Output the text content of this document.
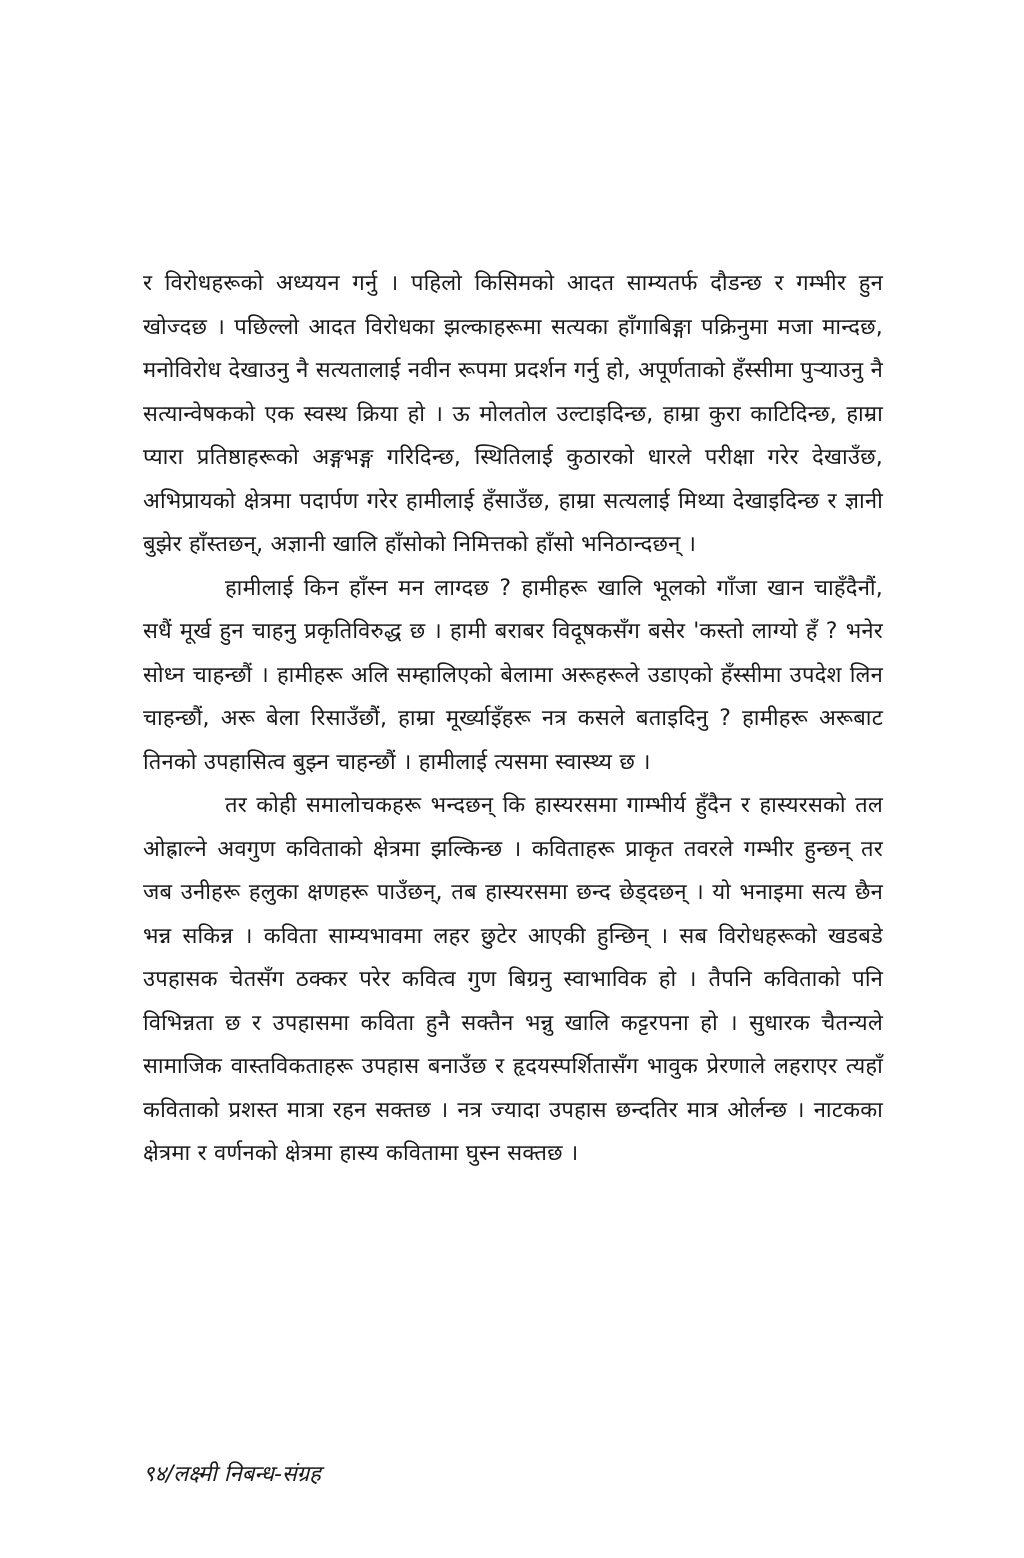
र विरोधहरूको अध्ययन गर्नु । पहिलो किसिमको आदत साम्यतर्फ दौडन्छ र गम्भीर हुन खोज्दछ । पछिल्लो आदत विरोधका झल्काहरूमा सत्यका हाँगाबिङ्गा पक्रिनुमा मजा मान्दछ, मनोविरोध देखाउनु नै सत्यतालाई नवीन रूपमा प्रदर्शन गर्नु हो, अपूर्णताको हँस्सीमा पुऱ्याउनु नै सत्यान्वेषकको एक स्वस्थ क्रिया हो । ऊ मोलतोल उल्टाइदिन्छ, हाम्रा कुरा काटिदिन्छ, हाम्रा प्यारा प्रतिष्ठाहरूको अङ्गभङ्ग गरिदिन्छ, स्थितिलाई कुठारको धारले परीक्षा गरेर देखाउँछ, अभिप्रायको क्षेत्रमा पदार्पण गरेर हामीलाई हँसाउँछ, हाम्रा सत्यलाई मिथ्या देखाइदिन्छ र ज्ञानी बुझेर हाँस्तछन्, अज्ञानी खालि हाँसोको निमित्तको हाँसो भनिठान्दछन् ।

हामीलाई किन हाँस्न मन लाग्दछ ? हामीहरू खालि भूलको गाँजा खान चाहँदैनौं, सधैं मूर्ख हुन चाहनु प्रकृतिविरुद्ध छ । हामी बराबर विदूषकसँग बसेर 'कस्तो लाग्यो हँ ? भनेर सोध्न चाहन्छौं । हामीहरू अलि सम्हालिएको बेलामा अरूहरूले उडाएको हँस्सीमा उपदेश लिन चाहन्छौं, अरू बेला रिसाउँछौं, हाम्रा मूर्ख्याइँहरू नत्र कसले बताइदिनु ? हामीहरू अरूबाट तिनको उपहासित्व बुझ्न चाहन्छौं । हामीलाई त्यसमा स्वास्थ्य छ ।

तर कोही समालोचकहरू भन्दछन् कि हास्यरसमा गाम्भीर्य हुँदैन र हास्यरसको तल ओह्राल्ने अवगुण कविताको क्षेत्रमा झल्किन्छ । कविताहरू प्राकृत तवरले गम्भीर हुन्छन् तर जब उनीहरू हलुका क्षणहरू पाउँछन्, तब हास्यरसमा छन्द छेड्दछन् । यो भनाइमा सत्य छैन भन्न सकिन्न । कविता साम्यभावमा लहर छुटेर आएकी हुन्छिन् । सब विरोधहरूको खडबडे उपहासक चेतसँग ठक्कर परेर कवित्व गुण बिग्रनु स्वाभाविक हो । तैपनि कविताको पनि विभिन्नता छ र उपहासमा कविता हुनै सक्तैन भन्नु खालि कट्टरपना हो । सुधारक चैतन्यले सामाजिक वास्तविकताहरू उपहास बनाउँछ र हृदयस्पर्शितासँग भावुक प्रेरणाले लहराएर त्यहाँ कविताको प्रशस्त मात्रा रहन सक्तछ । नत्र ज्यादा उपहास छन्दतिर मात्र ओर्लन्छ । नाटकका क्षेत्रमा र वर्णनको क्षेत्रमा हास्य कवितामा घुस्न सक्तछ ।

९४/लक्ष्मी निबन्ध-संग्रह
